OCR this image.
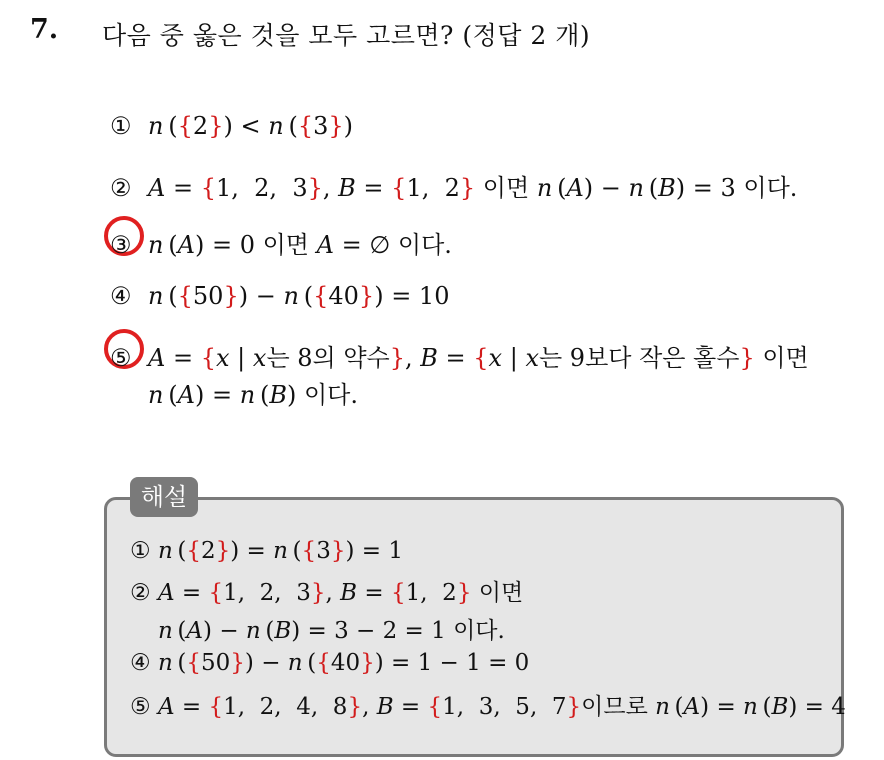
7. 다음 중 옳은 것을 모두 고르면? (정답 2 개)
① n ({2}) < n ({3})
② A = {1,  2,  3}, B = {1,  2} 이면 n (A) − n (B) = 3 이다.
③ n (A) = 0 이면 A = ∅ 이다.
④ n ({50}) − n ({40}) = 10
⑤ A = {x | x는 8의 약수}, B = {x | x는 9보다 작은 홀수} 이면
n (A) = n (B) 이다.
해설
① n ({2}) = n ({3}) = 1
② A = {1,  2,  3}, B = {1,  2} 이면
n (A) − n (B) = 3 − 2 = 1 이다.
④ n ({50}) − n ({40}) = 1 − 1 = 0
⑤ A = {1,  2,  4,  8}, B = {1,  3,  5,  7}이므로 n (A) = n (B) = 4
